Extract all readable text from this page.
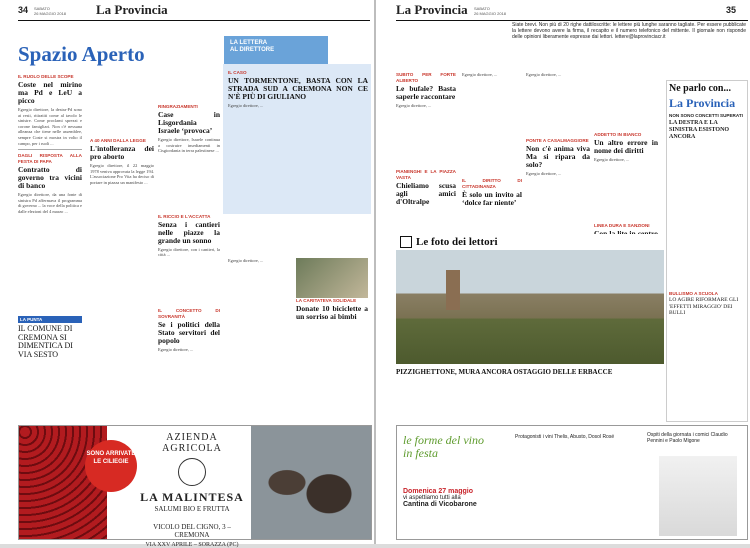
34 SABATO
26 MAGGIO 2018 La Provincia
Spazio Aperto
IL RUOLO DELLE SCOPE
Coste nel mirino ma Pd e LeU a picco
Egregio direttore, la destra-Pd sono ai resti, ritiratiti come al tavolo le sinistre. Come proclami sprezzi e corone famigliari. Non c'è nessuna alleanza che tiene nelle assemblee, sempre Coste si mostra in volto il campo, per i ruoli ...
DAGLI RISPOSTA ALLA FESTA DI PAPA
Contratto di governo tra vicini di banco
Egregio direttore, da una fonte di sinistra Pd affermava il programma di governo ... la voce della politica e dalle elezioni del 4 marzo ...
LA PUNTA
IL COMUNE DI CREMONA SI DIMENTICA DI VIA SESTO
A 40 ANNI DALLA LEGGE
L'intolleranza dei pro aborto
Egregio direttore, il 22 maggio 1978 veniva approvata la legge 194. L'associazione Pro Vita ha deciso di portare in piazza un manifesto ...
RINGRAZIAMENTI
Case in Lisgordania Israele ‘provoca’
Egregio direttore, Israele continua a costruire insediamenti in Cisgiordania in terra palestinese ...
IL RICCIO E L'ACCATTA
Senza i cantieri nelle piazze la grande un sonno
Egregio direttore, con i cantieri, la città ...
IL CONCETTO DI SOVRANITÀ
Se i politici della Stato servitori del popolo
Egregio direttore, ...
LA LETTERA
AL DIRETTORE
IL CASO
UN TORMENTONE, BASTA CON LA STRADA SUD A CREMONA NON CE N'È PIÙ DI GIULIANO
Egregio direttore, ...
Egregio direttore, ...
LA CARITATEVA SOLIDALE
Donate 10 biciclette a un sorriso ai bimbi
SONO ARRIVATE LE CILIEGIE
AZIENDA AGRICOLA
LA MALINTESA
SALUMI BIO E FRUTTA
VICOLO DEL CIGNO, 3 – CREMONA
VIA XXV APRILE – SORAZZA (PC)
La Provincia SABATO
26 MAGGIO 2018	35
Siate brevi. Non più di 20 righe dattiloscritte: le lettere più lunghe saranno tagliate. Per essere pubblicate la lettere devono avere la firma, il recapito e il numero telefonico del mittente. Il giornale non risponde delle opinioni liberamente espresse dai lettori. lettere@laprovinciacr.it
SUBITO PER FORTE ALBERTO
Le bufale? Basta saperle raccontare
Egregio direttore, ...
PIANENGHI E LA PIAZZA VASTA
Chieliamo scusa agli amici d'Oltralpe
Egregio direttore, ...
IL DIRITTO DI CITTADINANZA
È solo un invito al ‘dolce far niente’
Egregio direttore, ...
PONTE A CASALMAGGIORE
Non c'è anima viva Ma si ripara da solo?
Egregio direttore, ...
ADDETTO IN BIANCO
Un altro errore in nome dei diritti
Egregio direttore, ...
LINEA DURA E SANZIONI
Ne parlo con...
La Provincia
NON SONO CONCETTI SUPERATI
LA DESTRA E LA SINISTRA ESISTONO ANCORA
BULLISMO A SCUOLA
LO AGIRE RIFORMARE GLI 'EFFETTI MIRAGGIO' DEI BULLI
Le foto dei lettori
PIZZIGHETTONE, MURA ANCORA OSTAGGIO DELLE ERBACCE
le forme del vino in festa
Domenica 27 maggio
vi aspettiamo tutti alla
Cantina di Vicobarone
Protagonisti i vini Thelis, Abusto, Dosol Rosé	Ospiti della giornata i comici Claudio Pennini e Paolo Migone
